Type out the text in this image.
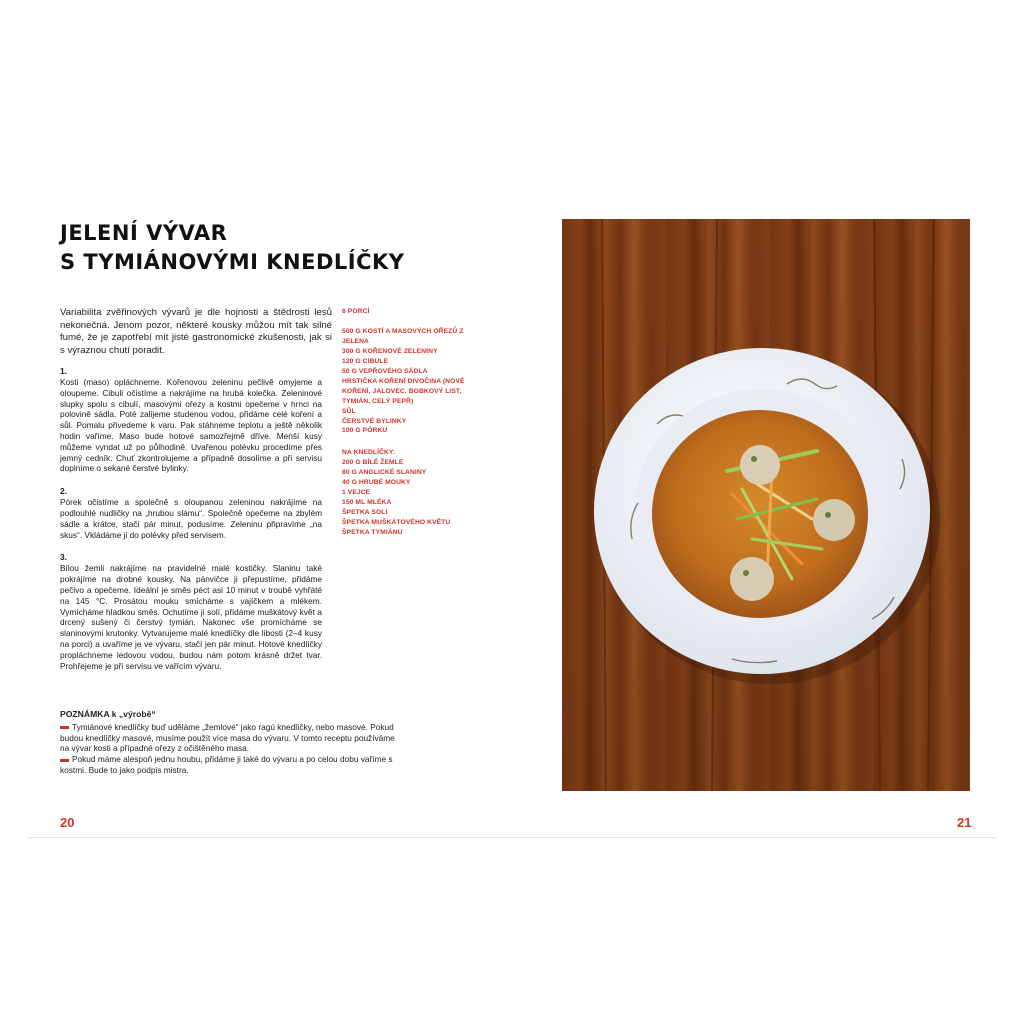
JELENÍ VÝVAR
S TYMIÁNOVÝMI KNEDLÍČKY
Variabilita zvěřinových vývarů je dle hojnosti a štědrosti lesů nekonečná. Jenom pozor, některé kousky můžou mít tak silné fumé, že je zapotřebí mít jisté gastronomické zkušenosti, jak si s výraznou chutí poradit.
1.
Kosti (maso) opláchneme. Kořenovou zeleninu pečlivě omyjeme a oloupeme. Cibuli očistíme a nakrájíme na hrubá kolečka. Zeleninové slupky spolu s cibulí, masovými ořezy a kostmi opečeme v hrnci na polovině sádla. Poté zalijeme studenou vodou, přidáme celé koření a sůl. Pomalu přivedeme k varu. Pak stáhneme teplotu a ještě několik hodin vaříme. Maso bude hotové samozřejmě dříve. Menší kusy můžeme vyndat už po půlhodině. Uvařenou polévku procedíme přes jemný cedník. Chuť zkontrolujeme a případně dosolíme a při servisu doplníme o sekané čerstvé bylinky.
2.
Pórek očistíme a společně s oloupanou zeleninou nakrájíme na podlouhlé nudličky na „hrubou slámu“. Společně opečeme na zbylém sádle a krátce, stačí pár minut, podusíme. Zeleninu připravíme „na skus“. Vkládáme ji do polévky před servisem.
3.
Bílou žemli nakrájíme na pravidelné malé kostičky. Slaninu také pokrájíme na drobné kousky. Na pánvičce ji přepustíme, přidáme pečivo a opečeme. Ideální je směs péct asi 10 minut v troubě vyhřáté na 145 °C. Prosátou mouku smícháme s vajíčkem a mlékem. Vymícháme hladkou směs. Ochutíme ji solí, přidáme muškátový květ a drcený sušený či čerstvý tymián. Nakonec vše promícháme se slaninovými krutonky. Vytvarujeme malé knedlíčky dle libosti (2–4 kusy na porci) a uvaříme je ve vývaru, stačí jen pár minut. Hotové knedlíčky propláchneme ledovou vodou, budou nám potom krásně držet tvar. Prohřejeme je při servisu ve vařícím vývaru.
6 PORCÍ
500 G KOSTÍ A MASOVÝCH OŘEZŮ Z JELENA
300 G KOŘENOVÉ ZELENINY
120 G CIBULE
50 G VEPŘOVÉHO SÁDLA
HRSTIČKA KOŘENÍ DIVOČINA (NOVÉ KOŘENÍ, JALOVEC, BOBKOVÝ LIST, TYMIÁN, CELÝ PEPŘ)
SŮL
ČERSTVÉ BYLINKY
100 G PÓRKU
NA KNEDLÍČKY:
200 G BÍLÉ ŽEMLE
80 G ANGLICKÉ SLANINY
40 G HRUBÉ MOUKY
1 VEJCE
150 ML MLÉKA
ŠPETKA SOLI
ŠPETKA MUŠKÁTOVÉHO KVĚTU
ŠPETKA TYMIÁNU
POZNÁMKA k „výrobě“
Tymiánové knedlíčky buď uděláme „žemlové“ jako ragú knedlíčky, nebo masové. Pokud budou knedlíčky masové, musíme použít více masa do vývaru. V tomto receptu používáme na vývar kosti a případné ořezy z očištěného masa.
Pokud máme alespoň jednu houbu, přidáme ji také do vývaru a po celou dobu vaříme s kostmi. Bude to jako podpis mistra.
20	21
